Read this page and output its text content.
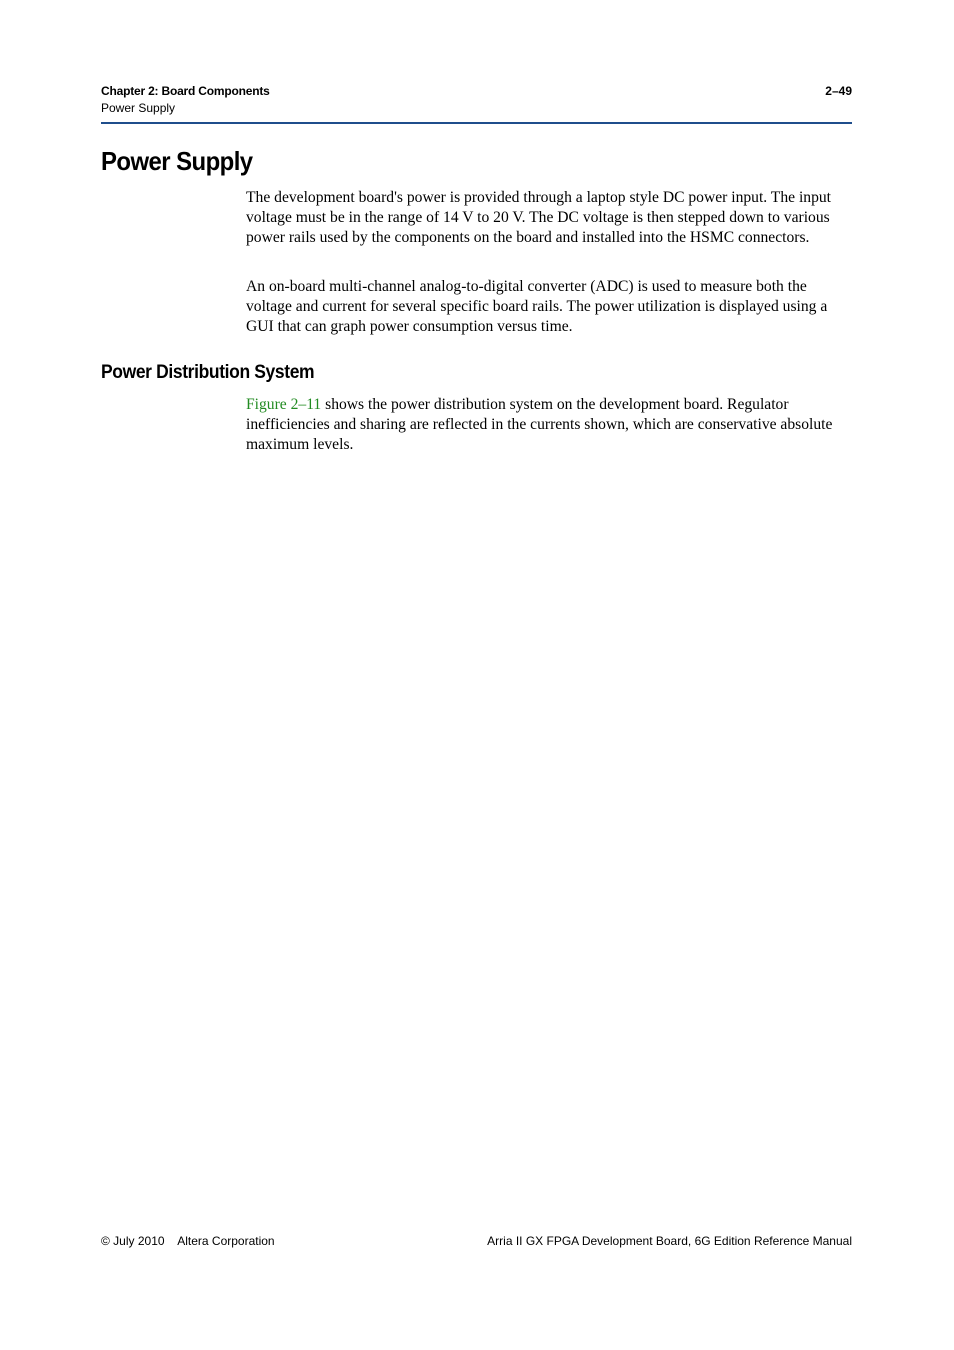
Chapter 2: Board Components
Power Supply
2–49
Power Supply

The development board's power is provided through a laptop style DC power input. The input voltage must be in the range of 14 V to 20 V. The DC voltage is then stepped down to various power rails used by the components on the board and installed into the HSMC connectors.

An on-board multi-channel analog-to-digital converter (ADC) is used to measure both the voltage and current for several specific board rails. The power utilization is displayed using a GUI that can graph power consumption versus time.

Power Distribution System

Figure 2–11 shows the power distribution system on the development board. Regulator inefficiencies and sharing are reflected in the currents shown, which are conservative absolute maximum levels.

© July 2010    Altera Corporation	Arria II GX FPGA Development Board, 6G Edition Reference Manual
